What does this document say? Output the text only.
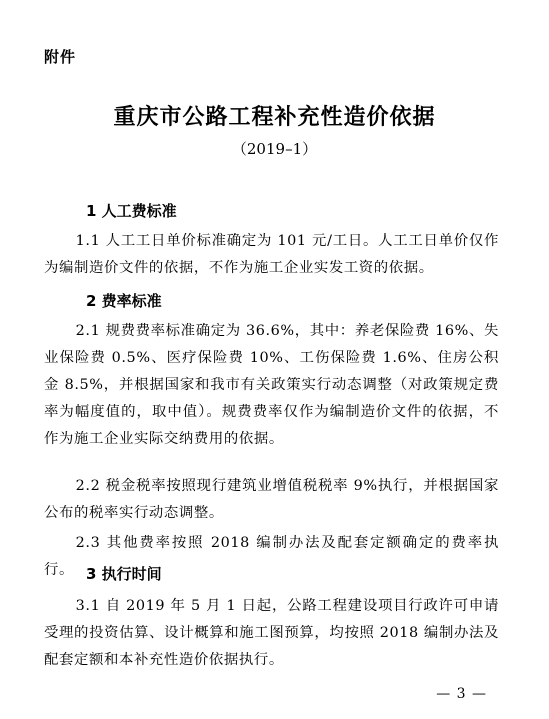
附件
重庆市公路工程补充性造价依据
（2019–1）
1 人工费标准
1.1 人工工日单价标准确定为 101 元/工日。人工工日单价仅作为编制造价文件的依据，不作为施工企业实发工资的依据。
2 费率标准
2.1 规费费率标准确定为 36.6%，其中：养老保险费 16%、失业保险费 0.5%、医疗保险费 10%、工伤保险费 1.6%、住房公积金 8.5%，并根据国家和我市有关政策实行动态调整（对政策规定费率为幅度值的，取中值）。规费费率仅作为编制造价文件的依据，不作为施工企业实际交纳费用的依据。
2.2 税金税率按照现行建筑业增值税税率 9%执行，并根据国家公布的税率实行动态调整。
2.3 其他费率按照 2018 编制办法及配套定额确定的费率执行。 3 执行时间
3.1 自 2019 年 5 月 1 日起，公路工程建设项目行政许可申请受理的投资估算、设计概算和施工图预算，均按照 2018 编制办法及配套定额和本补充性造价依据执行。
— 3 —
